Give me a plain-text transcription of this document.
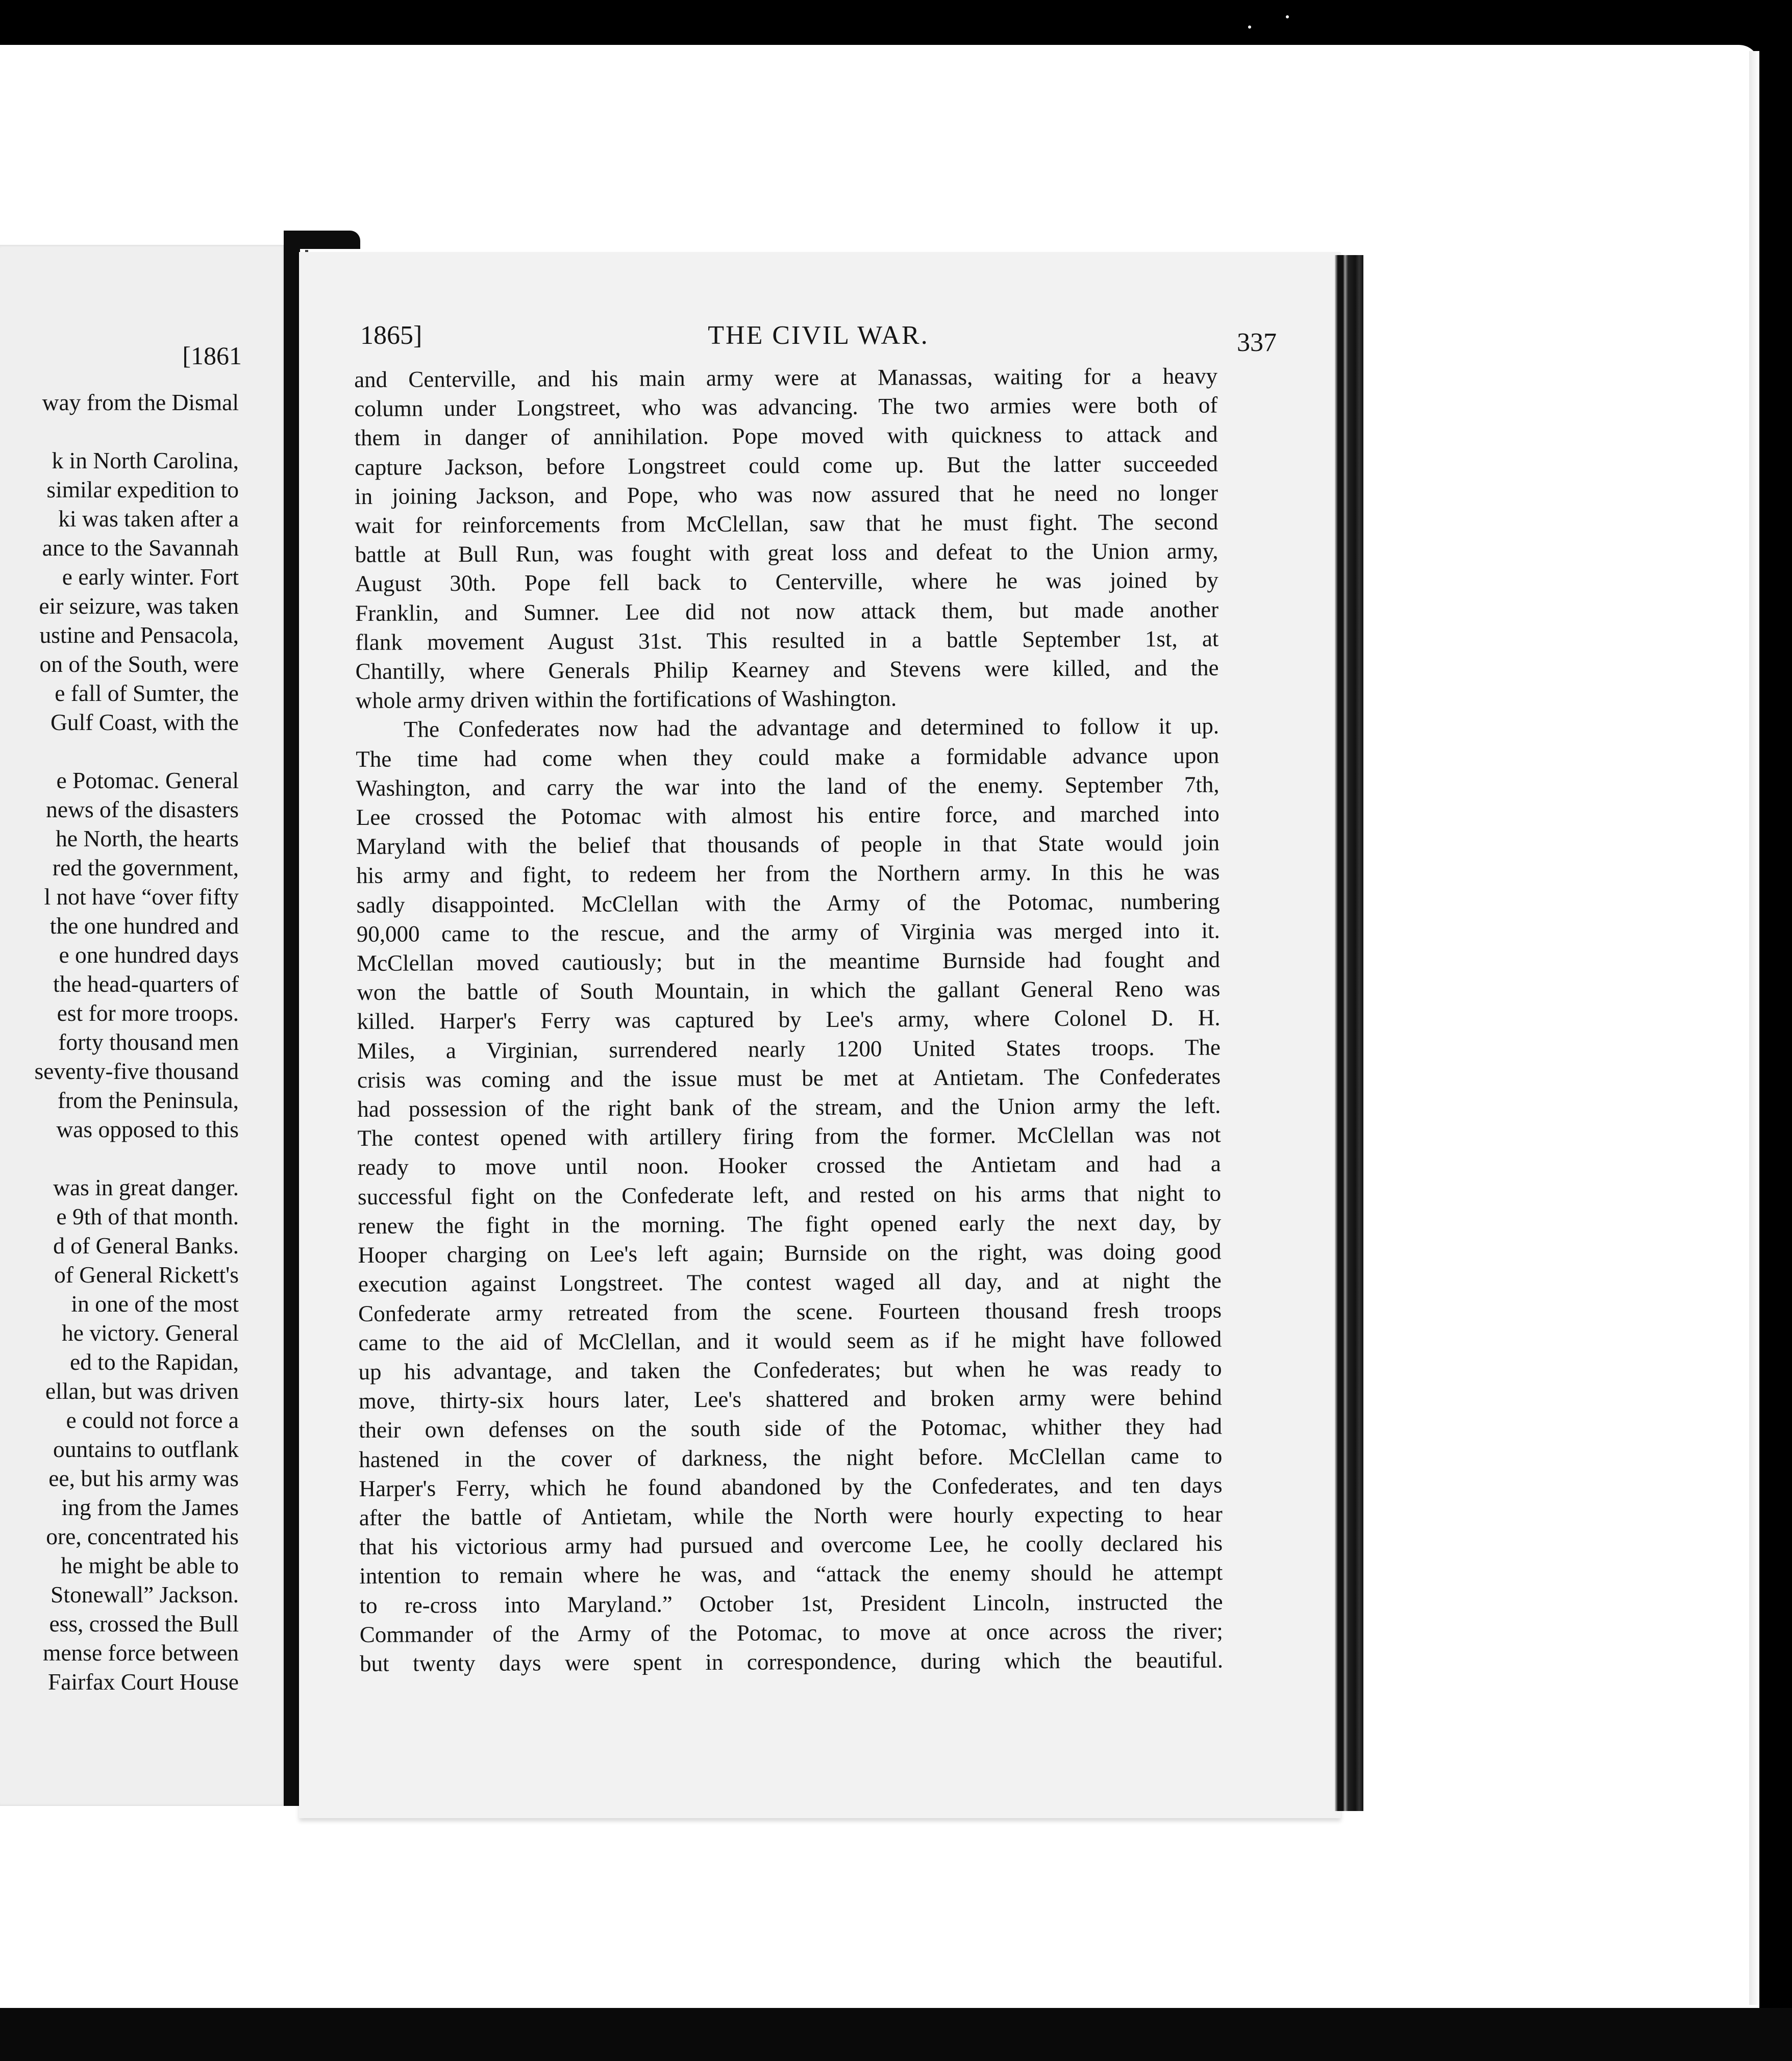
[1861
way from the Dismal
k in North Carolina,
similar expedition to
ki was taken after a
ance to the Savannah
e early winter. Fort
eir seizure, was taken
ustine and Pensacola,
on of the South, were
e fall of Sumter, the
Gulf Coast, with the
e Potomac. General
news of the disasters
he North, the hearts
red the government,
l not have “over fifty
the one hundred and
e one hundred days
the head-quarters of
est for more troops.
forty thousand men
seventy-five thousand
from the Peninsula,
was opposed to this
was in great danger.
e 9th of that month.
d of General Banks.
of General Rickett's
in one of the most
he victory. General
ed to the Rapidan,
ellan, but was driven
e could not force a
ountains to outflank
ee, but his army was
ing from the James
ore, concentrated his
he might be able to
Stonewall” Jackson.
ess, crossed the Bull
mense force between
Fairfax Court House
1865]	THE CIVIL WAR.	337

and Centerville, and his main army were at Manassas, waiting for a heavy

column under Longstreet, who was advancing. The two armies were both of

them in danger of annihilation. Pope moved with quickness to attack and

capture Jackson, before Longstreet could come up. But the latter succeeded

in joining Jackson, and Pope, who was now assured that he need no longer

wait for reinforcements from McClellan, saw that he must fight. The second

battle at Bull Run, was fought with great loss and defeat to the Union army,

August 30th. Pope fell back to Centerville, where he was joined by

Franklin, and Sumner. Lee did not now attack them, but made another

flank movement August 31st. This resulted in a battle September 1st, at

Chantilly, where Generals Philip Kearney and Stevens were killed, and the

whole army driven within the fortifications of Washington.

The Confederates now had the advantage and determined to follow it up.

The time had come when they could make a formidable advance upon

Washington, and carry the war into the land of the enemy. September 7th,

Lee crossed the Potomac with almost his entire force, and marched into

Maryland with the belief that thousands of people in that State would join

his army and fight, to redeem her from the Northern army. In this he was

sadly disappointed. McClellan with the Army of the Potomac, numbering

90,000 came to the rescue, and the army of Virginia was merged into it.

McClellan moved cautiously; but in the meantime Burnside had fought and

won the battle of South Mountain, in which the gallant General Reno was

killed. Harper's Ferry was captured by Lee's army, where Colonel D. H.

Miles, a Virginian, surrendered nearly 1200 United States troops. The

crisis was coming and the issue must be met at Antietam. The Confederates

had possession of the right bank of the stream, and the Union army the left.

The contest opened with artillery firing from the former. McClellan was not

ready to move until noon. Hooker crossed the Antietam and had a

successful fight on the Confederate left, and rested on his arms that night to

renew the fight in the morning. The fight opened early the next day, by

Hooper charging on Lee's left again; Burnside on the right, was doing good

execution against Longstreet. The contest waged all day, and at night the

Confederate army retreated from the scene. Fourteen thousand fresh troops

came to the aid of McClellan, and it would seem as if he might have followed

up his advantage, and taken the Confederates; but when he was ready to

move, thirty-six hours later, Lee's shattered and broken army were behind

their own defenses on the south side of the Potomac, whither they had

hastened in the cover of darkness, the night before. McClellan came to

Harper's Ferry, which he found abandoned by the Confederates, and ten days

after the battle of Antietam, while the North were hourly expecting to hear

that his victorious army had pursued and overcome Lee, he coolly declared his

intention to remain where he was, and “attack the enemy should he attempt

to re-cross into Maryland.” October 1st, President Lincoln, instructed the

Commander of the Army of the Potomac, to move at once across the river;

but twenty days were spent in correspondence, during which the beautiful.
